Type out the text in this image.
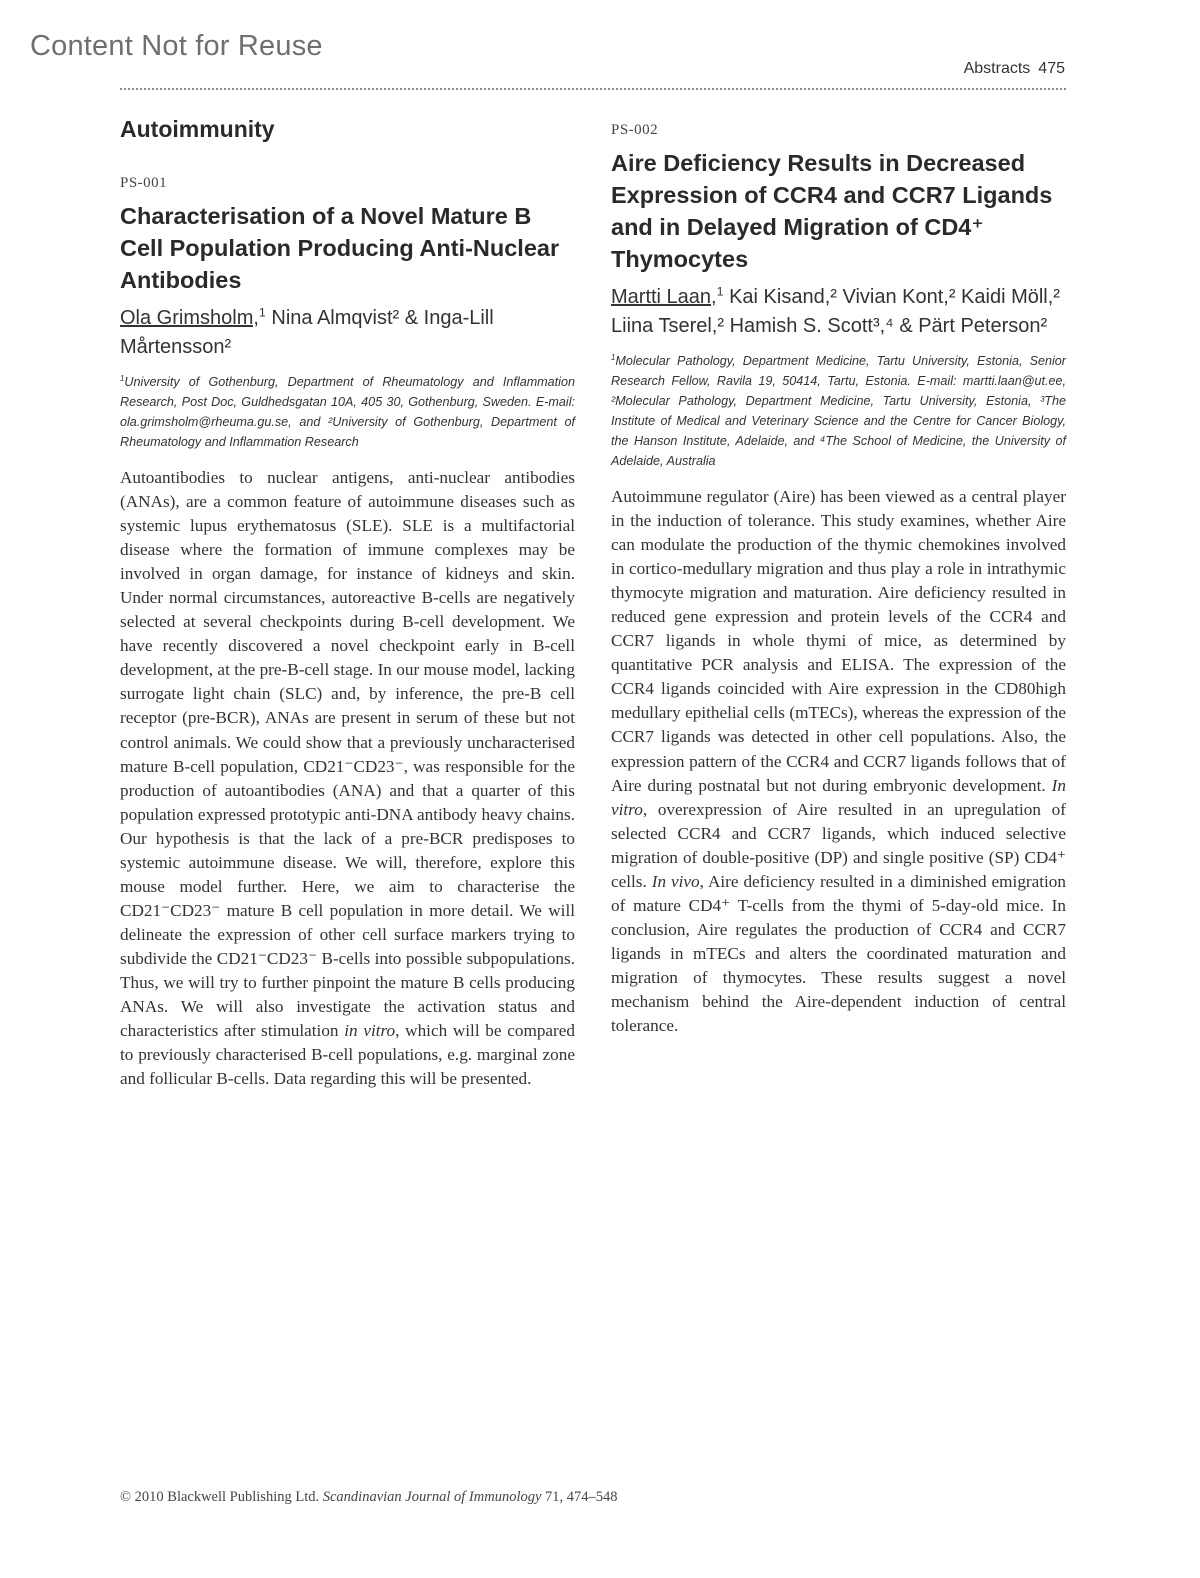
Content Not for Reuse
Abstracts 475
Autoimmunity
PS-001
Characterisation of a Novel Mature B Cell Population Producing Anti-Nuclear Antibodies
Ola Grimsholm,$^1$ Nina Almqvist² & Inga-Lill Mårtensson²
$^1$University of Gothenburg, Department of Rheumatology and Inflammation Research, Post Doc, Guldhedsgatan 10A, 405 30, Gothenburg, Sweden. E-mail: ola.grimsholm@rheuma.gu.se, and ²University of Gothenburg, Department of Rheumatology and Inflammation Research

Autoantibodies to nuclear antigens, anti-nuclear antibodies (ANAs), are a common feature of autoimmune diseases such as systemic lupus erythematosus (SLE). SLE is a multifactorial disease where the formation of immune complexes may be involved in organ damage, for instance of kidneys and skin. Under normal circumstances, autoreactive B-cells are negatively selected at several checkpoints during B-cell development. We have recently discovered a novel checkpoint early in B-cell development, at the pre-B-cell stage. In our mouse model, lacking surrogate light chain (SLC) and, by inference, the pre-B cell receptor (pre-BCR), ANAs are present in serum of these but not control animals. We could show that a previously uncharacterised mature B-cell population, CD21⁻CD23⁻, was responsible for the production of autoantibodies (ANA) and that a quarter of this population expressed prototypic anti-DNA antibody heavy chains. Our hypothesis is that the lack of a pre-BCR predisposes to systemic autoimmune disease. We will, therefore, explore this mouse model further. Here, we aim to characterise the CD21⁻CD23⁻ mature B cell population in more detail. We will delineate the expression of other cell surface markers trying to subdivide the CD21⁻CD23⁻ B-cells into possible subpopulations. Thus, we will try to further pinpoint the mature B cells producing ANAs. We will also investigate the activation status and characteristics after stimulation in vitro, which will be compared to previously characterised B-cell populations, e.g. marginal zone and follicular B-cells. Data regarding this will be presented.

PS-002
Aire Deficiency Results in Decreased Expression of CCR4 and CCR7 Ligands and in Delayed Migration of CD4⁺ Thymocytes
Martti Laan,$^1$ Kai Kisand,² Vivian Kont,² Kaidi Möll,² Liina Tserel,² Hamish S. Scott³,⁴ & Pärt Peterson²
$^1$Molecular Pathology, Department Medicine, Tartu University, Estonia, Senior Research Fellow, Ravila 19, 50414, Tartu, Estonia. E-mail: martti.laan@ut.ee, ²Molecular Pathology, Department Medicine, Tartu University, Estonia, ³The Institute of Medical and Veterinary Science and the Centre for Cancer Biology, the Hanson Institute, Adelaide, and ⁴The School of Medicine, the University of Adelaide, Australia

Autoimmune regulator (Aire) has been viewed as a central player in the induction of tolerance. This study examines, whether Aire can modulate the production of the thymic chemokines involved in cortico-medullary migration and thus play a role in intrathymic thymocyte migration and maturation. Aire deficiency resulted in reduced gene expression and protein levels of the CCR4 and CCR7 ligands in whole thymi of mice, as determined by quantitative PCR analysis and ELISA. The expression of the CCR4 ligands coincided with Aire expression in the CD80high medullary epithelial cells (mTECs), whereas the expression of the CCR7 ligands was detected in other cell populations. Also, the expression pattern of the CCR4 and CCR7 ligands follows that of Aire during postnatal but not during embryonic development. In vitro, overexpression of Aire resulted in an upregulation of selected CCR4 and CCR7 ligands, which induced selective migration of double-positive (DP) and single positive (SP) CD4⁺ cells. In vivo, Aire deficiency resulted in a diminished emigration of mature CD4⁺ T-cells from the thymi of 5-day-old mice. In conclusion, Aire regulates the production of CCR4 and CCR7 ligands in mTECs and alters the coordinated maturation and migration of thymocytes. These results suggest a novel mechanism behind the Aire-dependent induction of central tolerance.

© 2010 Blackwell Publishing Ltd. Scandinavian Journal of Immunology 71, 474–548
